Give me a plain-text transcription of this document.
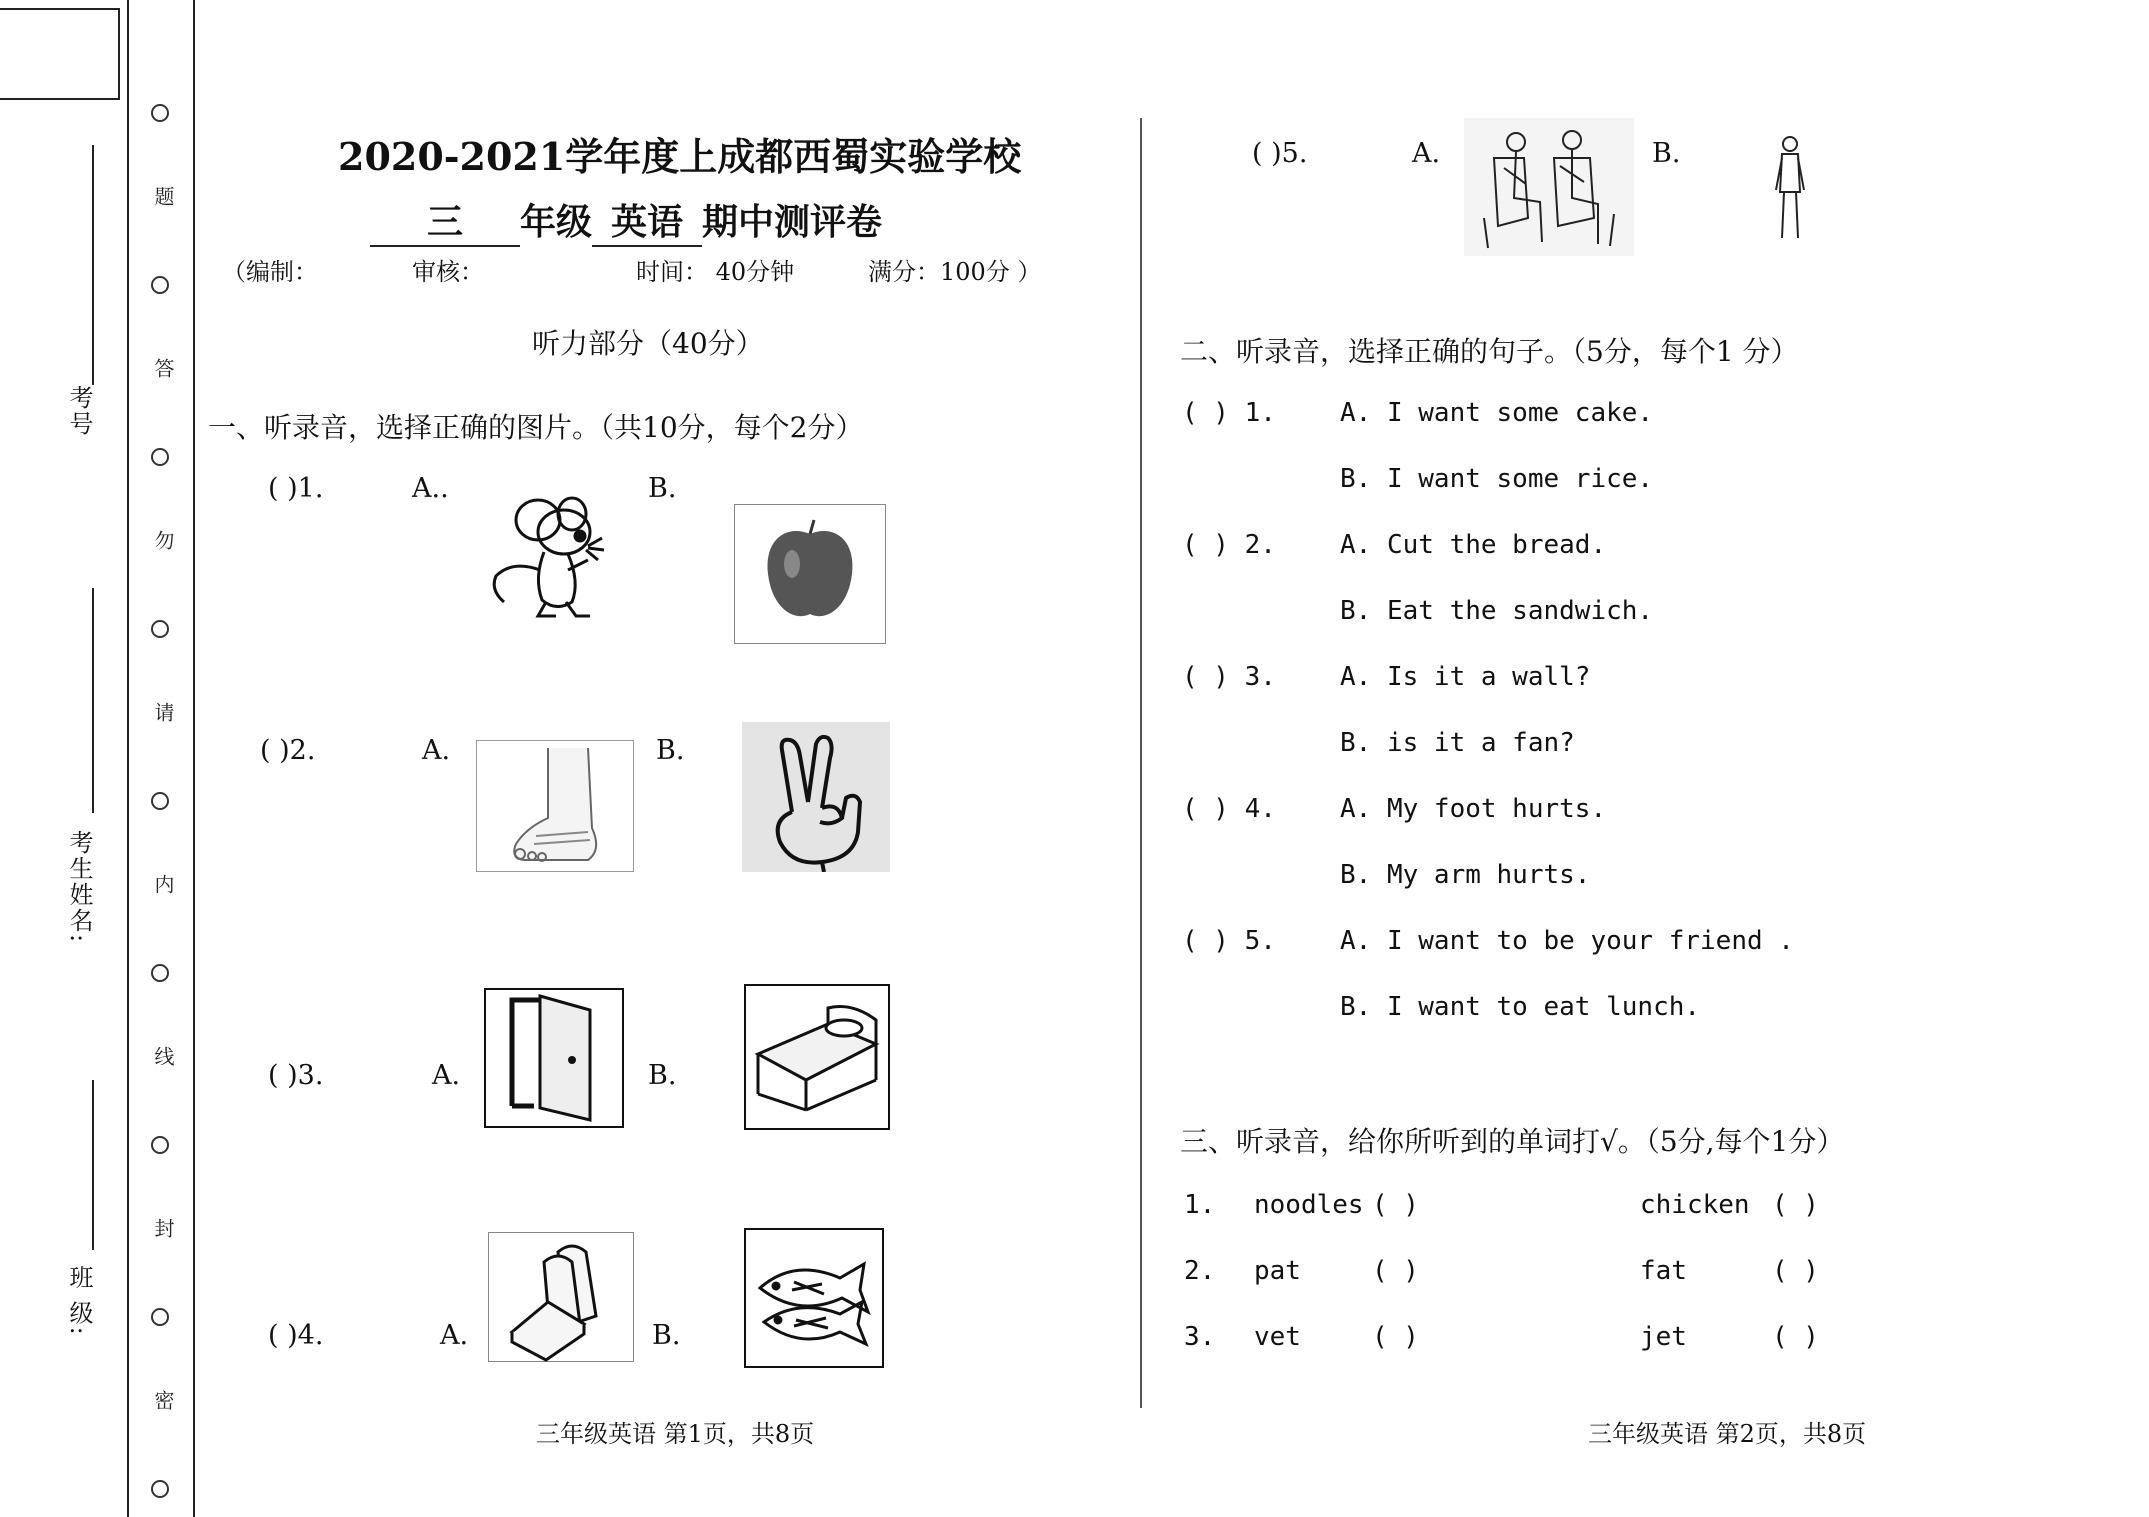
考号
考生姓名:
班 级:
题
答
勿
请
内
线
封
密
2020-2021学年度上成都西蜀实验学校
三 年级 英语 期中测评卷
（编制：	审核：	时间： 40分钟	满分：100分 ）
听力部分（40分）
一、听录音，选择正确的图片。（共10分，每个2分）
( )1.	A..	B.
( )2.	A.	B.
( )3.	A.	B.
( )4.	A.	B.
三年级英语 第1页，共8页
( )5.	A.	B.
二、听录音，选择正确的句子。（5分，每个1 分）
( ) 1. A. I want some cake.
B. I want some rice.
( ) 2. A. Cut the bread.
B. Eat the sandwich.
( ) 3. A. Is it a wall?
B. is it a fan?
( ) 4. A. My foot hurts.
B. My arm hurts.
( ) 5. A. I want to be your friend .
B. I want to eat lunch.
三、听录音，给你所听到的单词打√。（5分,每个1分）
1. noodles ( )	chicken ( )
2. pat	( )	fat	( )
3. vet	( )	jet	( )
三年级英语 第2页，共8页
